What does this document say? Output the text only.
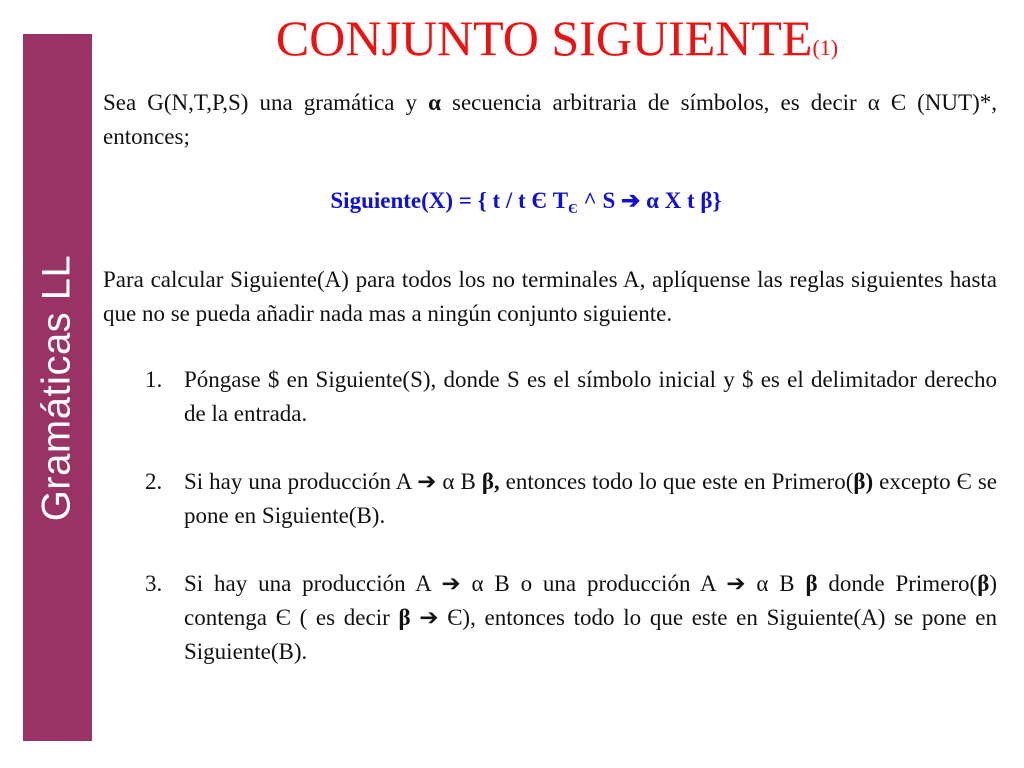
Gramáticas LL
CONJUNTO SIGUIENTE(1)

Sea G(N,T,P,S) una gramática y α secuencia arbitraria de símbolos, es decir α Є (NUT)*, entonces;

Siguiente(X) = { t / t Є $T_Є$ ^ S ➔ α X t β}

Para calcular Siguiente(A) para todos los no terminales A, aplíquense las reglas siguientes hasta que no se pueda añadir nada mas a ningún conjunto siguiente.

1. Póngase $ en Siguiente(S), donde S es el símbolo inicial y $ es el delimitador derecho de la entrada.
2. Si hay una producción A ➔ α B β, entonces todo lo que este en Primero(β) excepto Є se pone en Siguiente(B).
3. Si hay una producción A ➔ α B o una producción A ➔ α B β donde Primero(β) contenga Є ( es decir β ➔ Є), entonces todo lo que este en Siguiente(A) se pone en Siguiente(B).
